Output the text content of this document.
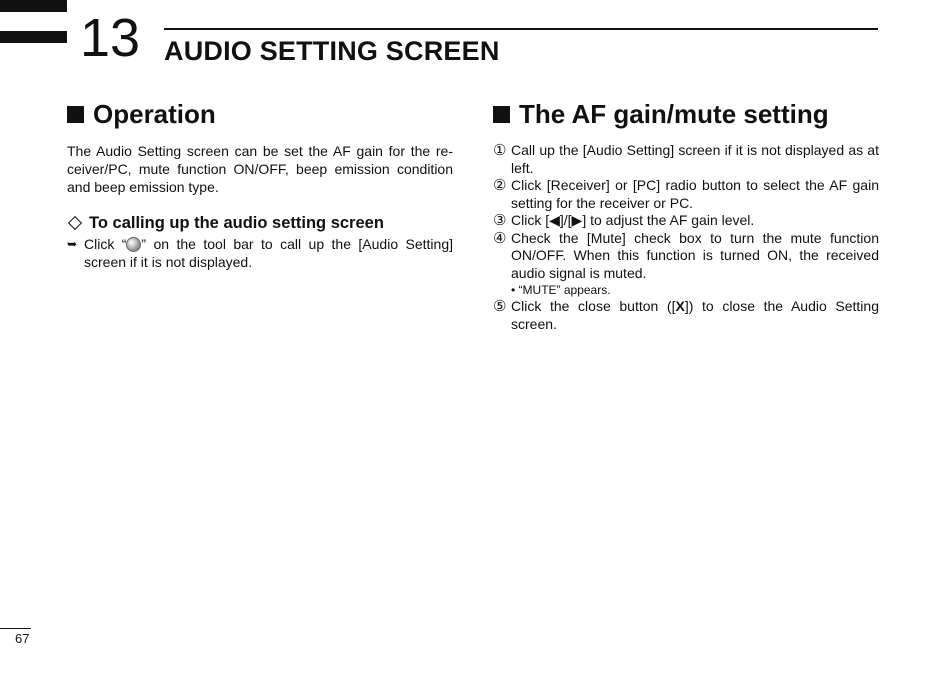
13 AUDIO SETTING SCREEN
Operation

The Audio Setting screen can be set the AF gain for the receiver/PC, mute function ON/OFF, beep emission condition and beep emission type.

To calling up the audio setting screen
➥ Click “ ” on the tool bar to call up the [Audio Setting] screen if it is not displayed.
The AF gain/mute setting
① Call up the [Audio Setting] screen if it is not displayed as at left.
② Click [Receiver] or [PC] radio button to select the AF gain setting for the receiver or PC.
③ Click [◀]/[▶] to adjust the AF gain level.
④ Check the [Mute] check box to turn the mute function ON/OFF. When this function is turned ON, the received audio signal is muted.

• “MUTE” appears.

⑤ Click the close button ([X]) to close the Audio Setting screen.
67
